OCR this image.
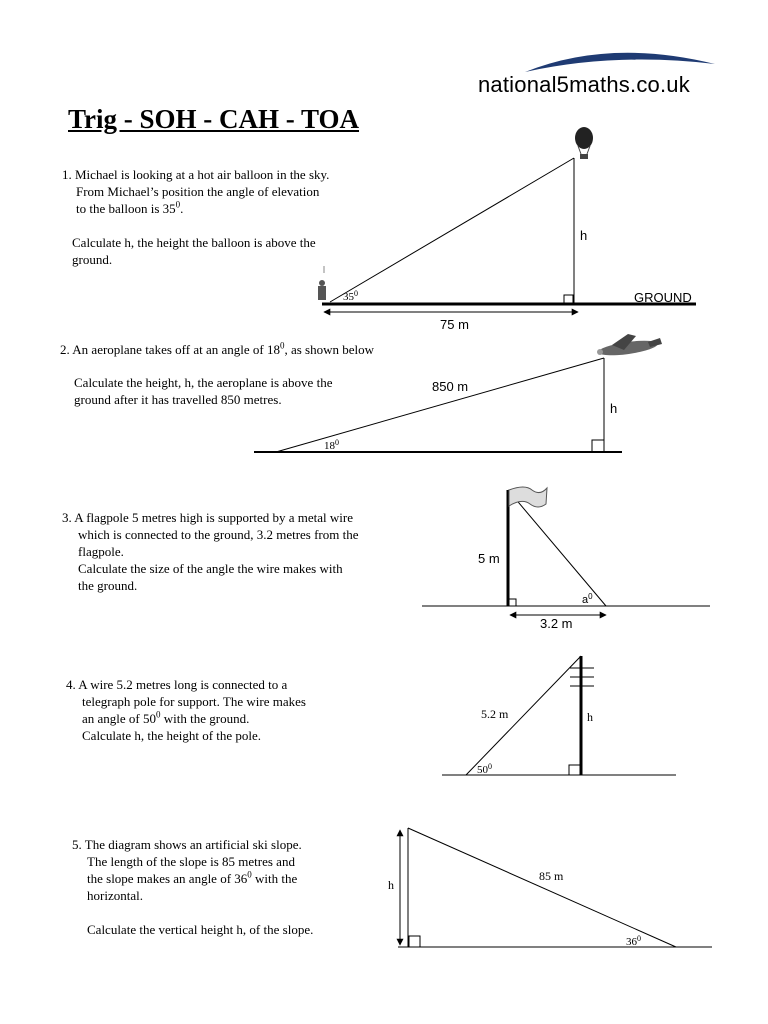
national5maths.co.uk
Trig - SOH - CAH - TOA
1. Michael is looking at a hot air balloon in the sky.
From Michael’s position the angle of elevation
to the balloon is $35^0$.
Calculate h, the height the balloon is above the
ground.
2. An aeroplane takes off at an angle of $18^0$, as shown below
Calculate the height, h, the aeroplane is above the
ground after it has travelled 850 metres.
3. A flagpole 5 metres high is supported by a metal wire
which is connected to the ground, 3.2 metres from the
flagpole.
Calculate the size of the angle the wire makes with
the ground.
4. A wire 5.2 metres long is connected to a
telegraph pole for support. The wire makes
an angle of $50^0$ with the ground.
Calculate h, the height of the pole.
5. The diagram shows an artificial ski slope.
The length of the slope is 85 metres and
the slope makes an angle of $36^0$ with the
horizontal.
Calculate the vertical height h, of the slope.
$35^0$
h
75 m
GROUND
$18^0$
h
850 m
5 m
3.2 m
$a^0$
5.2 m	h
$50^0$
h
85 m
$36^0$
